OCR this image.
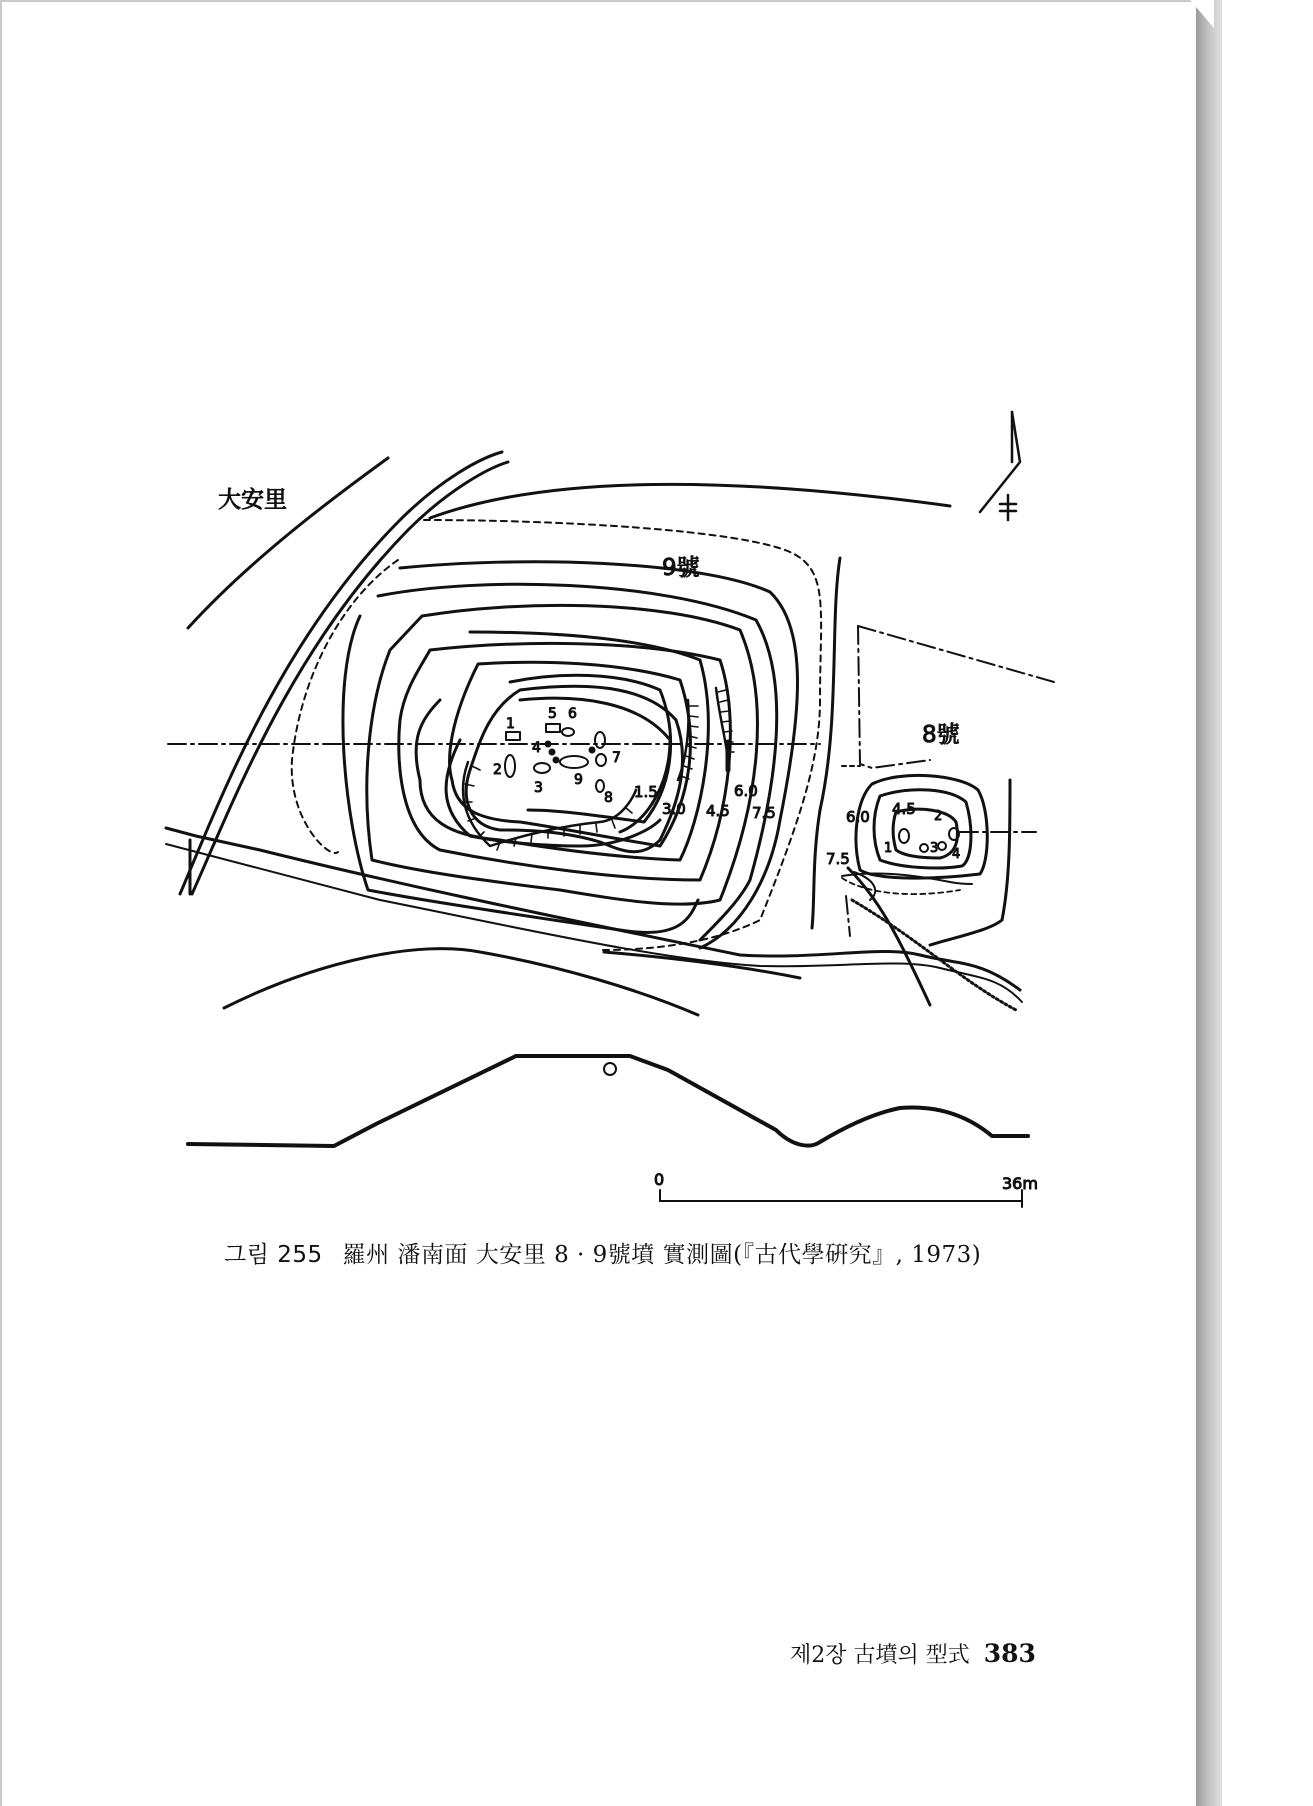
大安里
9號
8號
1.5
3.0 4.5
6.0
7.5	6.0 4.5
7.5
1
2
3
4
5 6
7
8
9
1
2
3 4
0	36m
그림 255 羅州 潘南面 大安里 8 · 9號墳 實測圖(『古代學硏究』, 1973)
제2장 古墳의 型式 383
